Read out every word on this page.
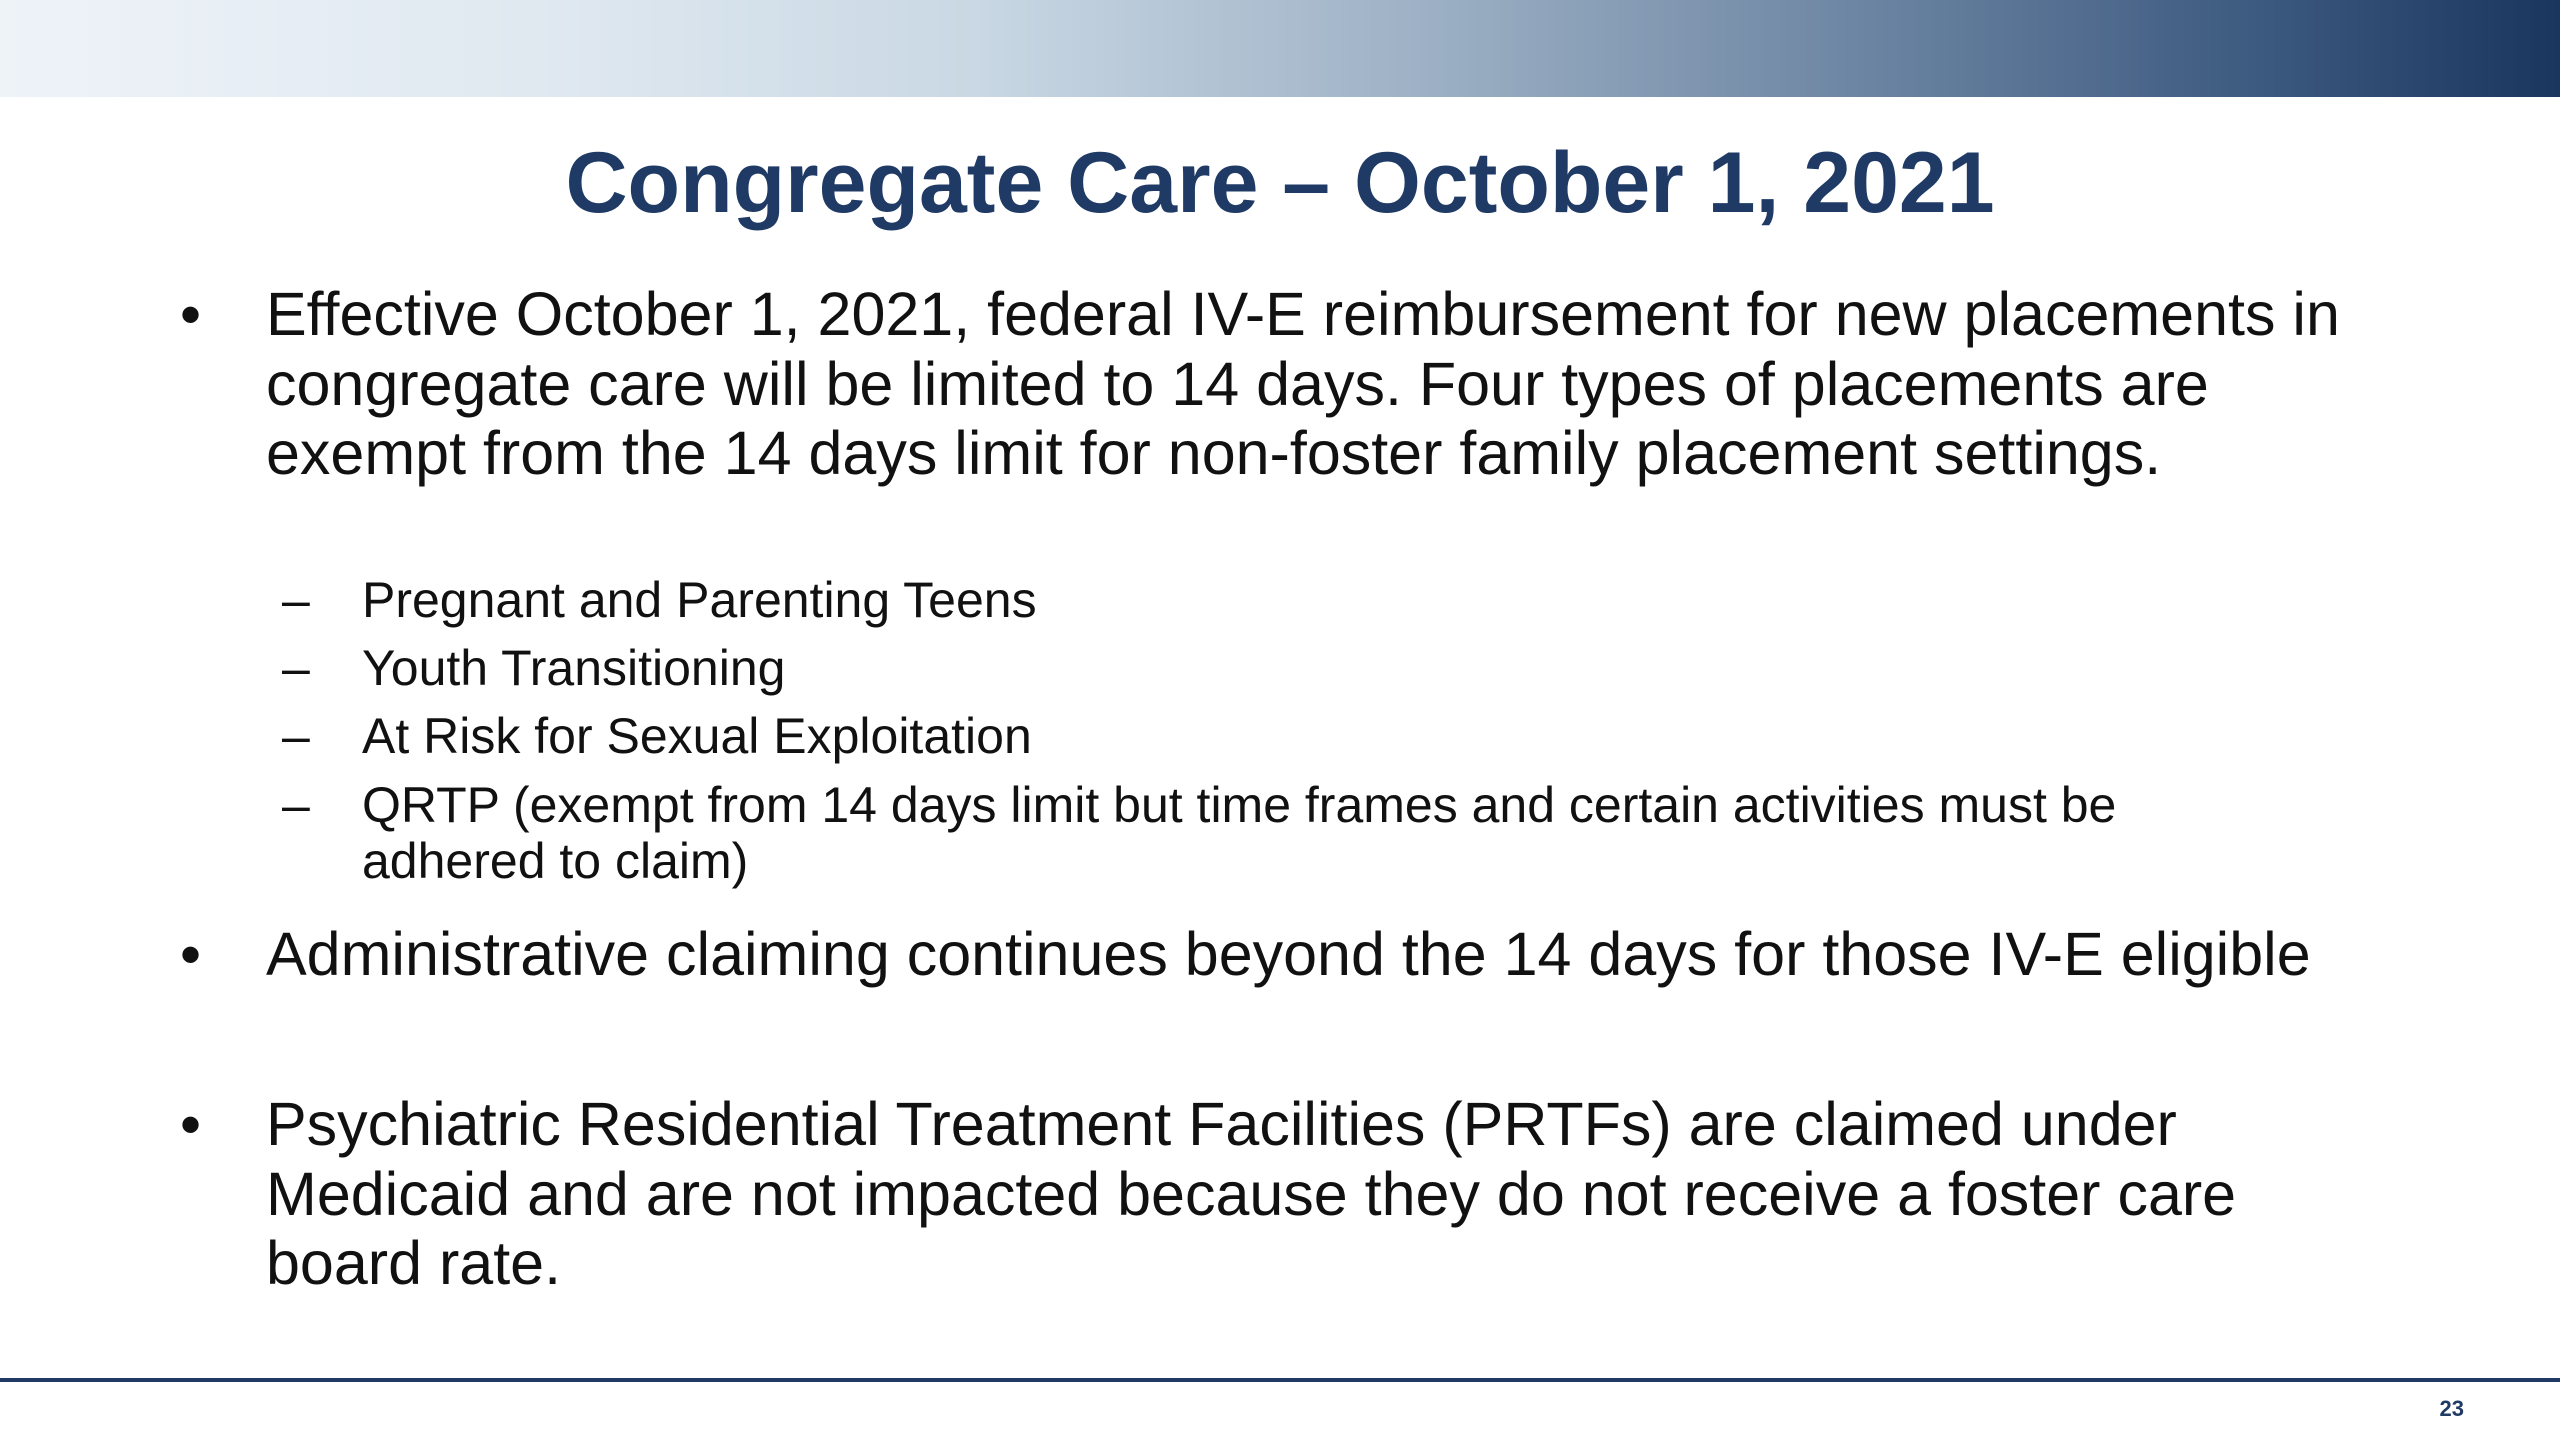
Congregate Care – October 1, 2021
• Effective October 1, 2021, federal IV-E reimbursement for new placements in congregate care will be limited to 14 days. Four types of placements are exempt from the 14 days limit for non-foster family placement settings.
– Pregnant and Parenting Teens
– Youth Transitioning
– At Risk for Sexual Exploitation
– QRTP (exempt from 14 days limit but time frames and certain activities must be adhered to claim)
• Administrative claiming continues beyond the 14 days for those IV-E eligible
• Psychiatric Residential Treatment Facilities (PRTFs) are claimed under Medicaid and are not impacted because they do not receive a foster care board rate.
23
